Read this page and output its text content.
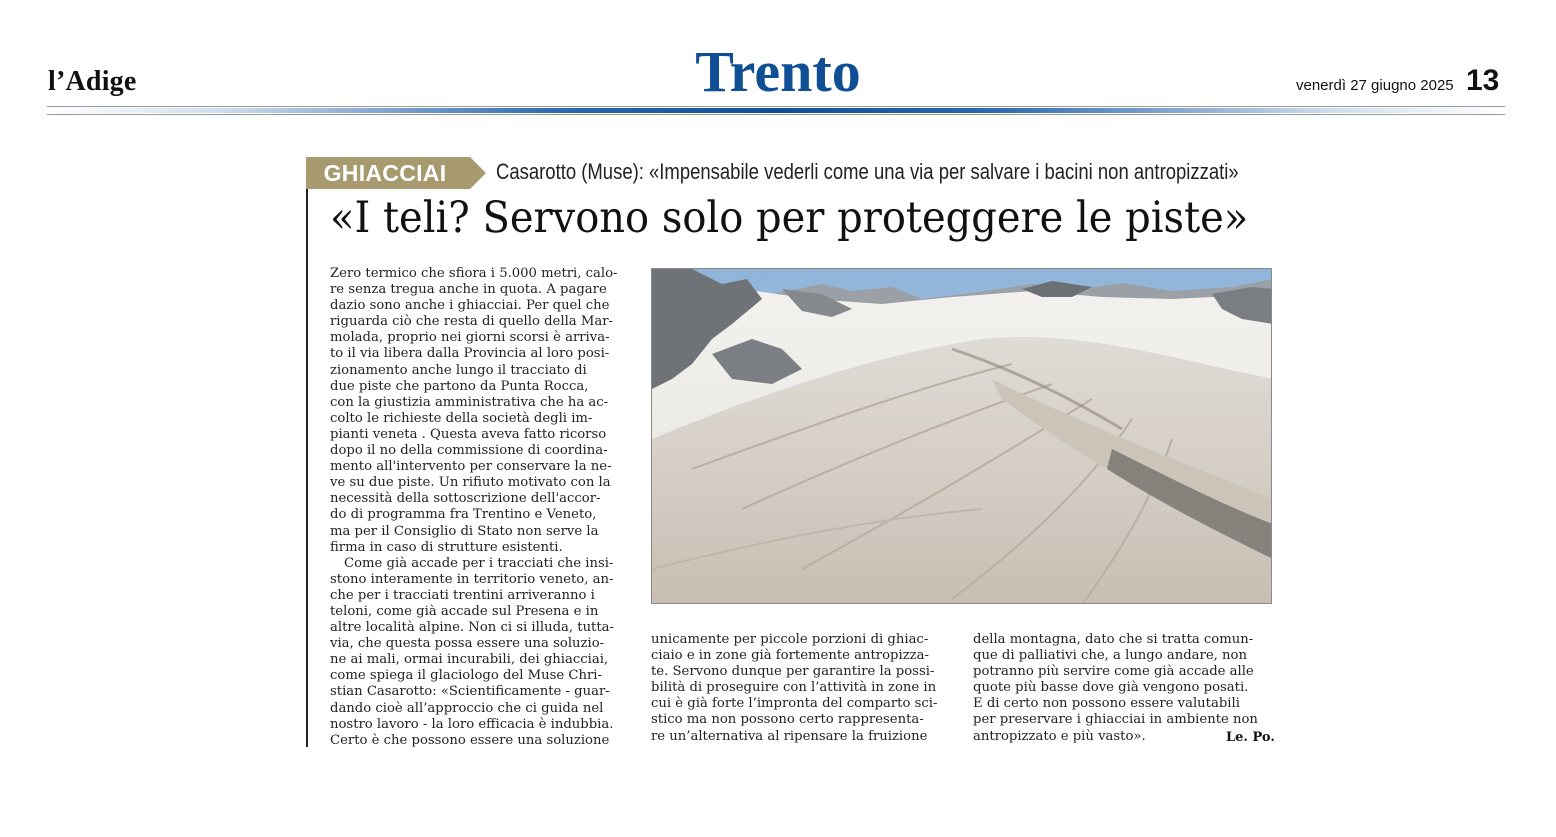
l’Adige	Trento	venerdì 27 giugno 2025 13
GHIACCIAI	Casarotto (Muse): «Impensabile vederli come una via per salvare i bacini non antropizzati»
«I teli? Servono solo per proteggere le piste»

Zero termico che sfiora i 5.000 metri, calo-
re senza tregua anche in quota. A pagare
dazio sono anche i ghiacciai. Per quel che
riguarda ciò che resta di quello della Mar-
molada, proprio nei giorni scorsi è arriva-
to il via libera dalla Provincia al loro posi-
zionamento anche lungo il tracciato di
due piste che partono da Punta Rocca,
con la giustizia amministrativa che ha ac-
colto le richieste della società degli im-
pianti veneta . Questa aveva fatto ricorso
dopo il no della commissione di coordina-
mento all'intervento per conservare la ne-
ve su due piste. Un rifiuto motivato con la
necessità della sottoscrizione dell'accor-
do di programma fra Trentino e Veneto,
ma per il Consiglio di Stato non serve la
firma in caso di strutture esistenti.

Come già accade per i tracciati che insi-
stono interamente in territorio veneto, an-
che per i tracciati trentini arriveranno i
teloni, come già accade sul Presena e in
altre località alpine. Non ci si illuda, tutta-
via, che questa possa essere una soluzio-
ne ai mali, ormai incurabili, dei ghiacciai,
come spiega il glaciologo del Muse Chri-
stian Casarotto: «Scientificamente - guar-
dando cioè all’approccio che ci guida nel
nostro lavoro - la loro efficacia è indubbia.
Certo è che possono essere una soluzione

unicamente per piccole porzioni di ghiac-
ciaio e in zone già fortemente antropizza-
te. Servono dunque per garantire la possi-
bilità di proseguire con l’attività in zone in
cui è già forte l’impronta del comparto sci-
stico ma non possono certo rappresenta-
re un’alternativa al ripensare la fruizione

della montagna, dato che si tratta comun-
que di palliativi che, a lungo andare, non
potranno più servire come già accade alle
quote più basse dove già vengono posati.
E di certo non possono essere valutabili
per preservare i ghiacciai in ambiente non
antropizzato e più vasto».	Le. Po.
